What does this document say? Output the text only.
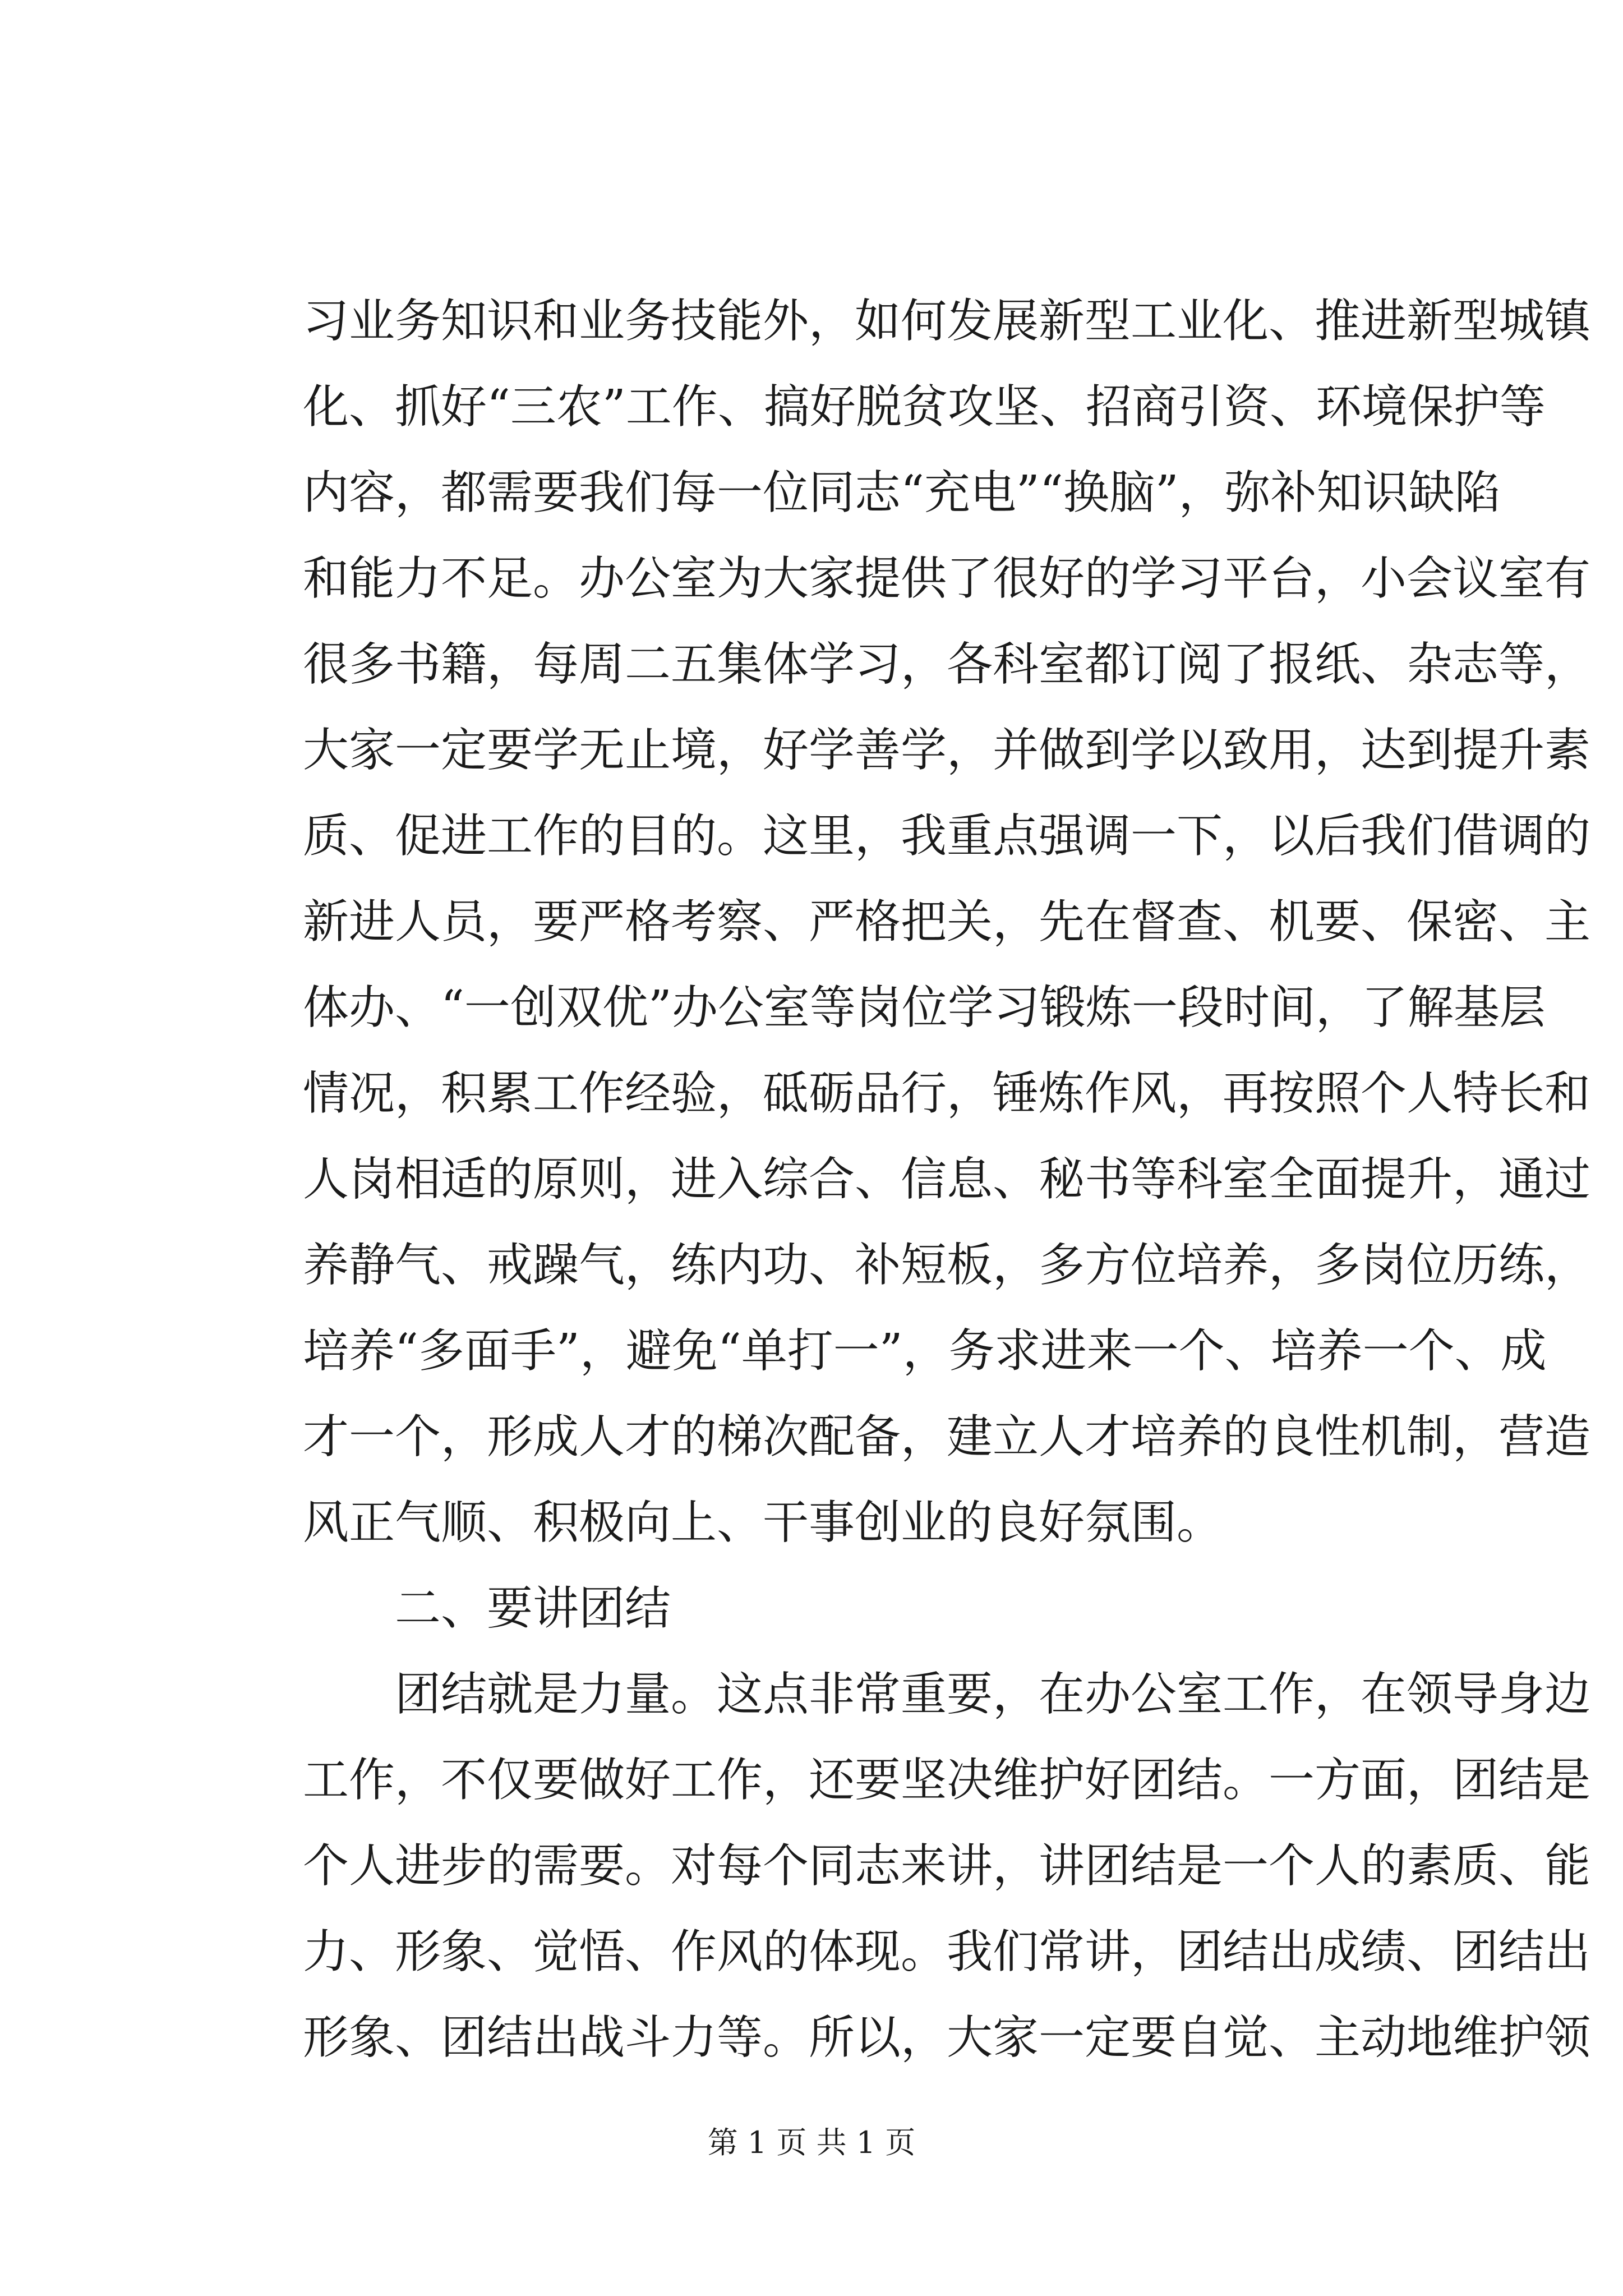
习业务知识和业务技能外，如何发展新型工业化、推进新型城镇
化、抓好“三农”工作、搞好脱贫攻坚、招商引资、环境保护等
内容，都需要我们每一位同志“充电”“换脑”，弥补知识缺陷
和能力不足。办公室为大家提供了很好的学习平台，小会议室有
很多书籍，每周二五集体学习，各科室都订阅了报纸、杂志等，
大家一定要学无止境，好学善学，并做到学以致用，达到提升素
质、促进工作的目的。这里，我重点强调一下，以后我们借调的
新进人员，要严格考察、严格把关，先在督查、机要、保密、主
体办、“一创双优”办公室等岗位学习锻炼一段时间，了解基层
情况，积累工作经验，砥砺品行，锤炼作风，再按照个人特长和
人岗相适的原则，进入综合、信息、秘书等科室全面提升，通过
养静气、戒躁气，练内功、补短板，多方位培养，多岗位历练，
培养“多面手”，避免“单打一”，务求进来一个、培养一个、成
才一个，形成人才的梯次配备，建立人才培养的良性机制，营造
风正气顺、积极向上、干事创业的良好氛围。
二、要讲团结
团结就是力量。这点非常重要，在办公室工作，在领导身边
工作，不仅要做好工作，还要坚决维护好团结。一方面，团结是
个人进步的需要。对每个同志来讲，讲团结是一个人的素质、能
力、形象、觉悟、作风的体现。我们常讲，团结出成绩、团结出
形象、团结出战斗力等。所以，大家一定要自觉、主动地维护领
第 1 页 共 1 页
